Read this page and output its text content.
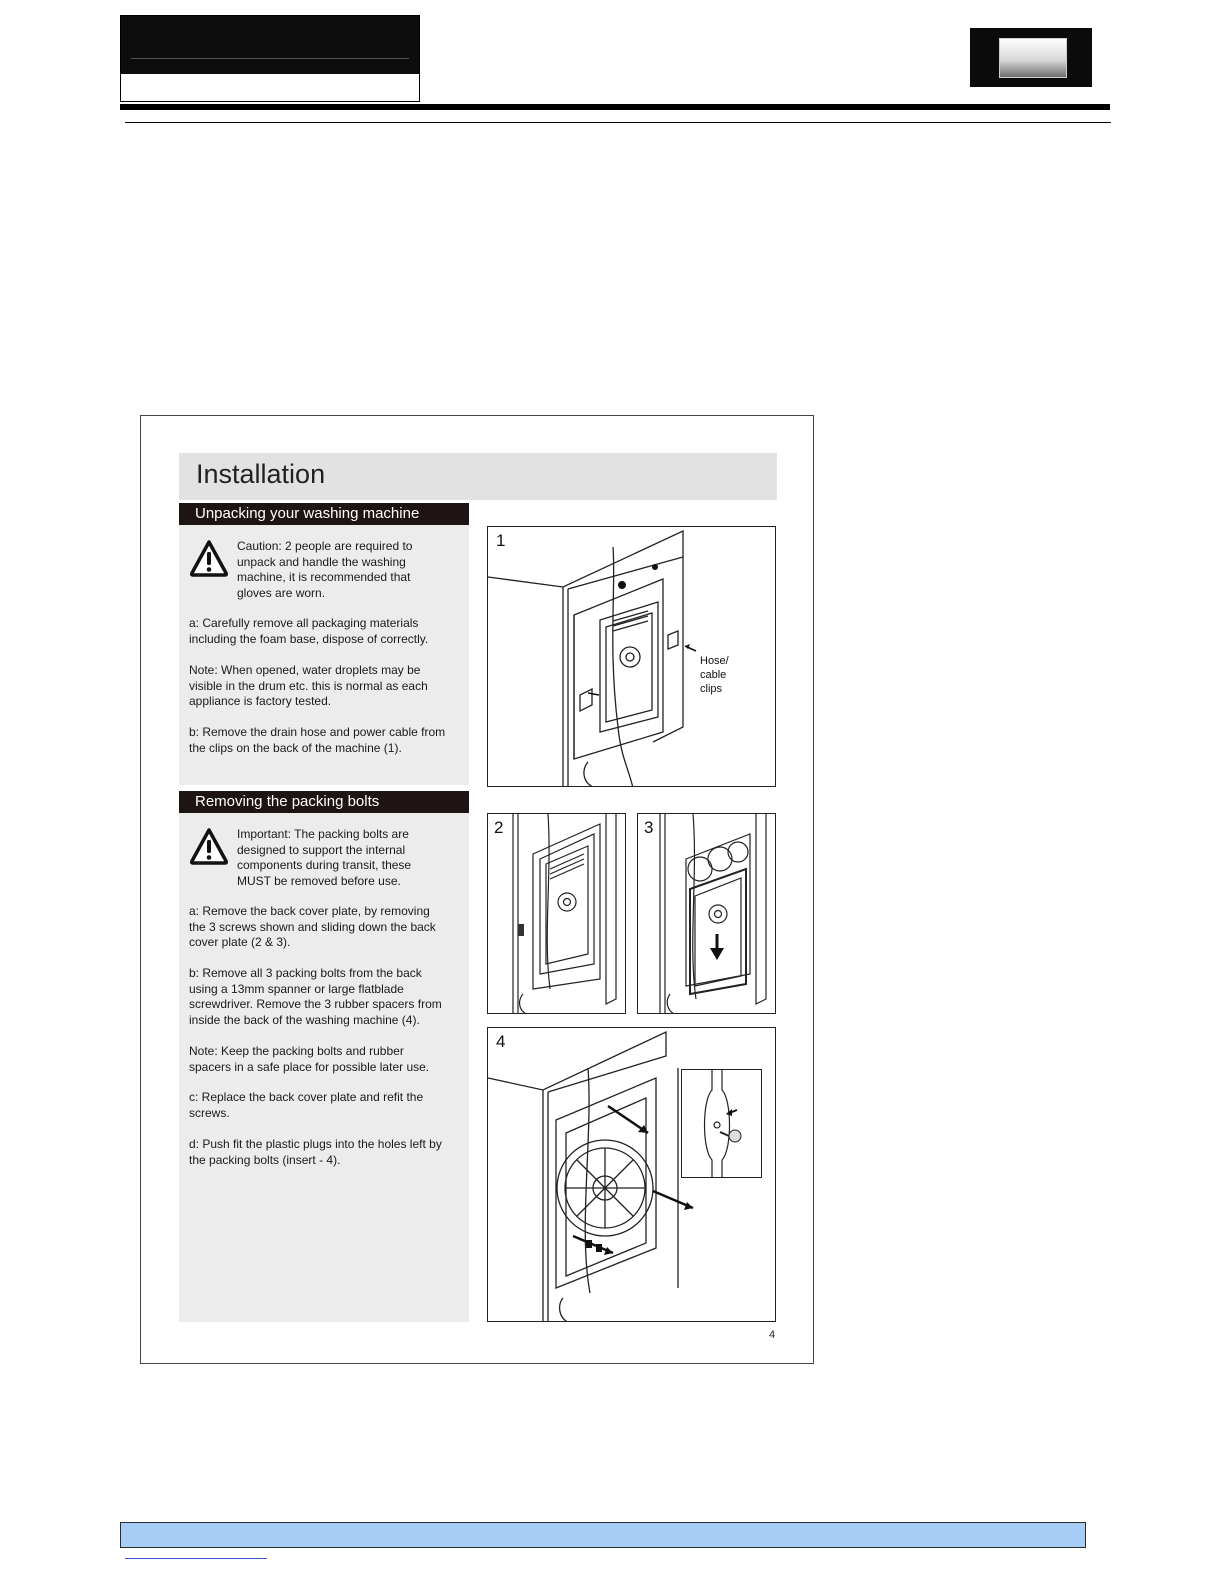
Installation
Unpacking your washing machine
Caution: 2 people are required to
unpack and handle the washing
machine, it is recommended that
gloves are worn.
a: Carefully remove all packaging materials
including the foam base, dispose of correctly.
Note: When opened, water droplets may be
visible in the drum etc. this is normal as each
appliance is factory tested.
b: Remove the drain hose and power cable from
the clips on the back of the machine (1).
Removing the packing bolts
Important: The packing bolts are
designed to support the internal
components during transit, these
MUST be removed before use.
a: Remove the back cover plate, by removing
the 3 screws shown and sliding down the back
cover plate (2 & 3).
b: Remove all 3 packing bolts from the back
using a 13mm spanner or large flatblade
screwdriver. Remove the 3 rubber spacers from
inside the back of the washing machine (4).
Note: Keep the packing bolts and rubber
spacers in a safe place for possible later use.
c: Replace the back cover plate and refit the
screws.
d: Push fit the plastic plugs into the holes left by
the packing bolts (insert - 4).
1
Hose/
cable
clips
2	3
4
4
